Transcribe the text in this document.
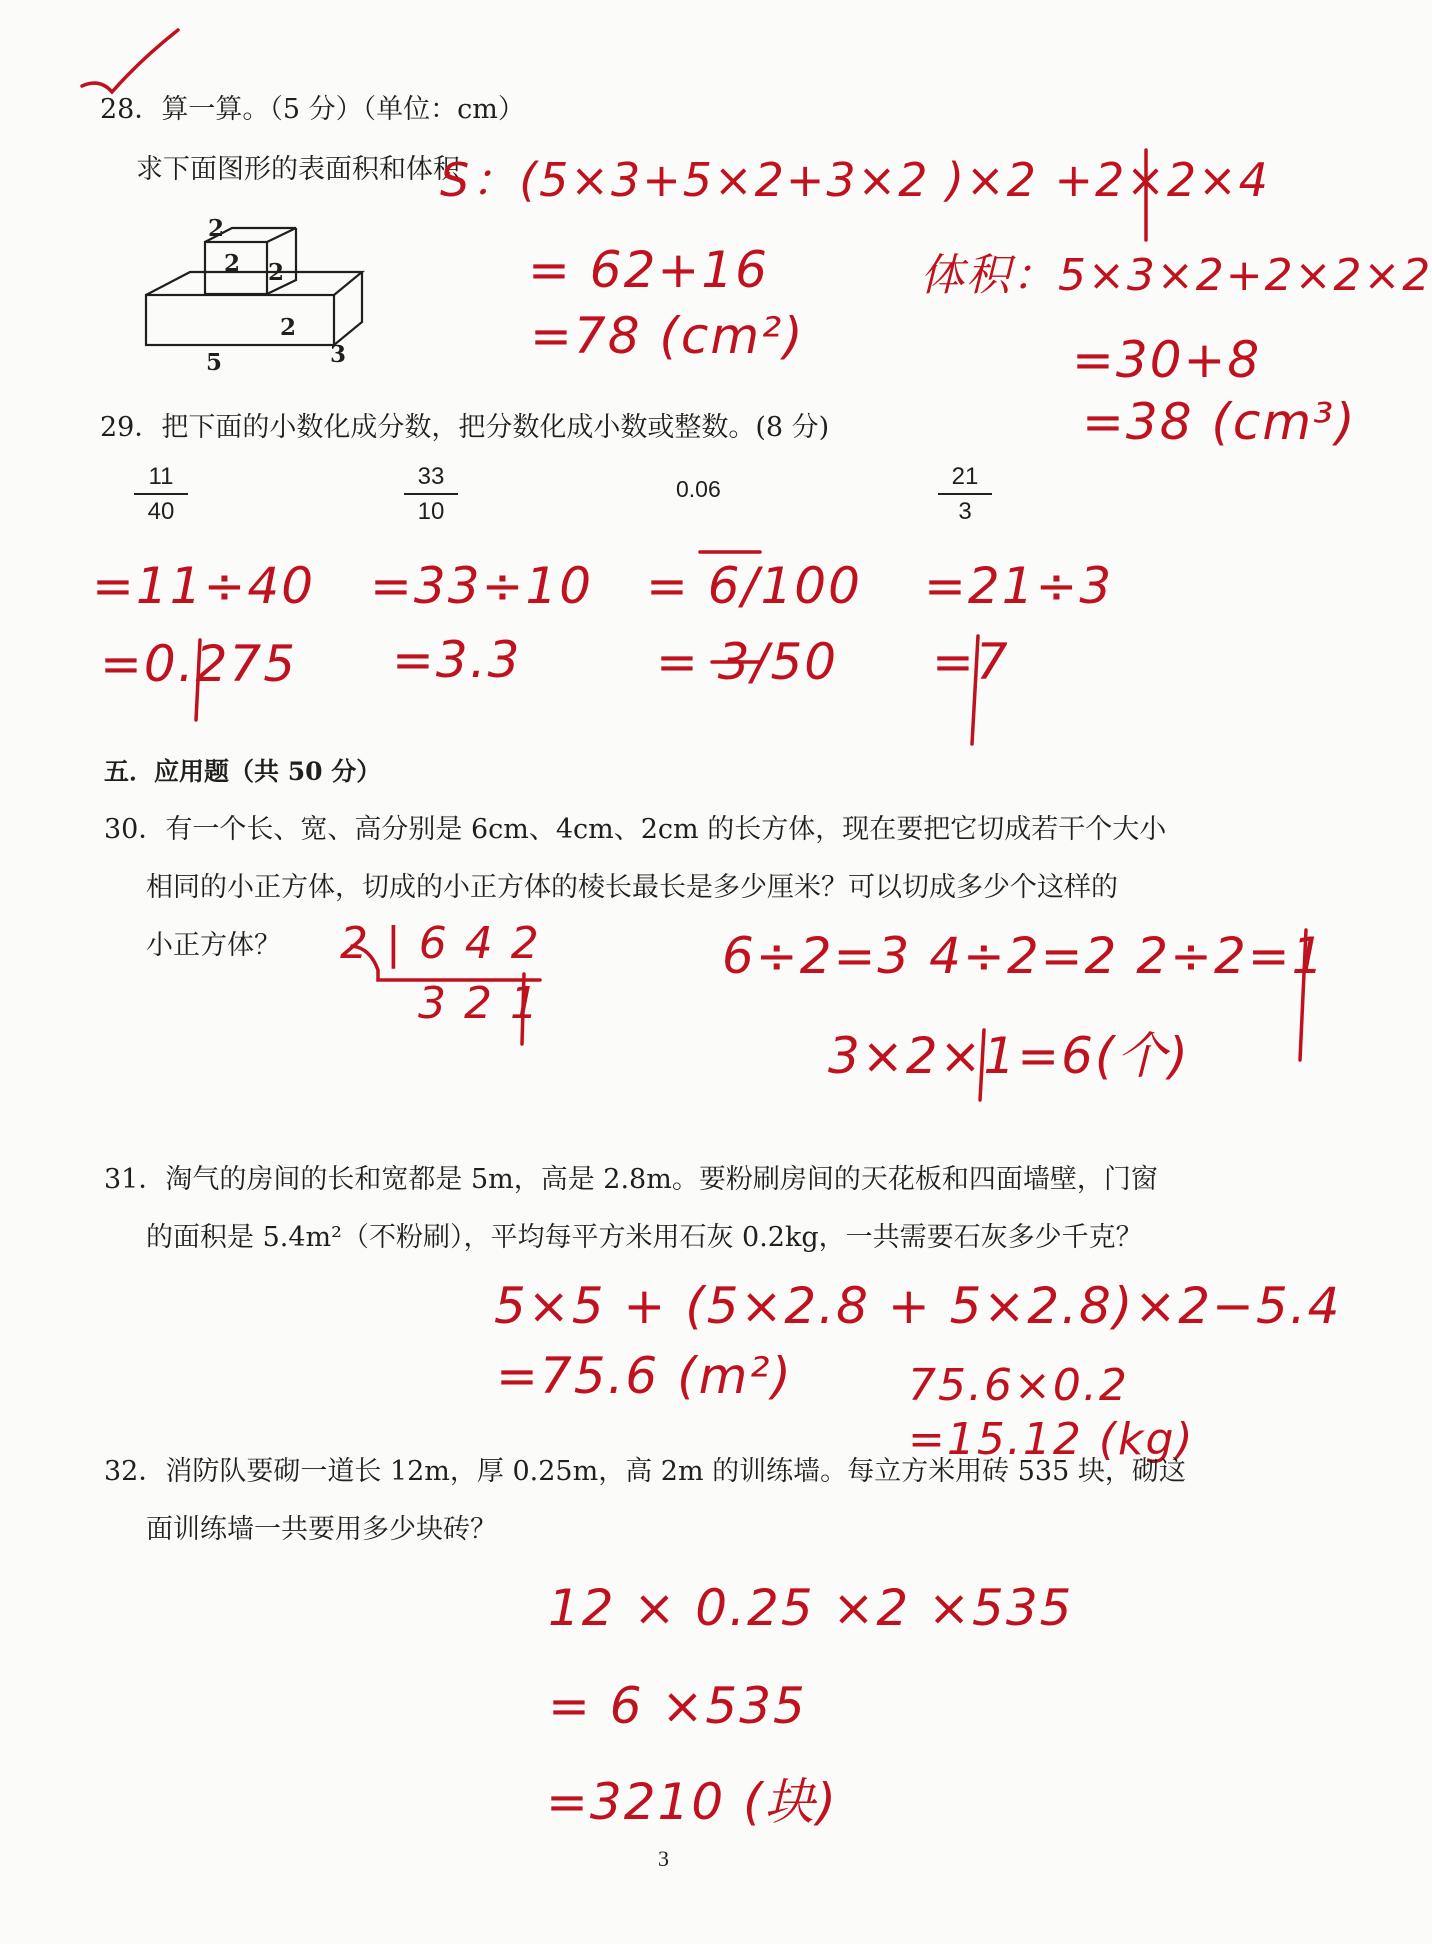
28．算一算。（5 分）（单位：cm）
求下面图形的表面积和体积
2
2 2
2
5	3
S：(5×3+5×2+3×2 )×2 +2×2×4
= 62+16
=78 (cm²)
体积：5×3×2+2×2×2
=30+8
=38 (cm³)
29．把下面的小数化成分数，把分数化成小数或整数。(8 分)
11
40
33
10
0.06	21
3
=11÷40
=0.275
=33÷10
=3.3
= 6/100
= 3/50
=21÷3
=7
五．应用题（共 50 分）
30．有一个长、宽、高分别是 6cm、4cm、2cm 的长方体，现在要把它切成若干个大小
相同的小正方体，切成的小正方体的棱长最长是多少厘米？可以切成多少个这样的
小正方体？ 2 | 6 4 2
3 2 1
6÷2=3 4÷2=2 2÷2=1
3×2×1=6(个)
31．淘气的房间的长和宽都是 5m，高是 2.8m。要粉刷房间的天花板和四面墙壁，门窗
的面积是 5.4m²（不粉刷），平均每平方米用石灰 0.2kg，一共需要石灰多少千克？
5×5 + (5×2.8 + 5×2.8)×2−5.4
=75.6 (m²)	75.6×0.2
=15.12 (kg)
32．消防队要砌一道长 12m，厚 0.25m，高 2m 的训练墙。每立方米用砖 535 块，砌这
面训练墙一共要用多少块砖？
12 × 0.25 ×2 ×535
= 6 ×535
=3210 (块)
3
